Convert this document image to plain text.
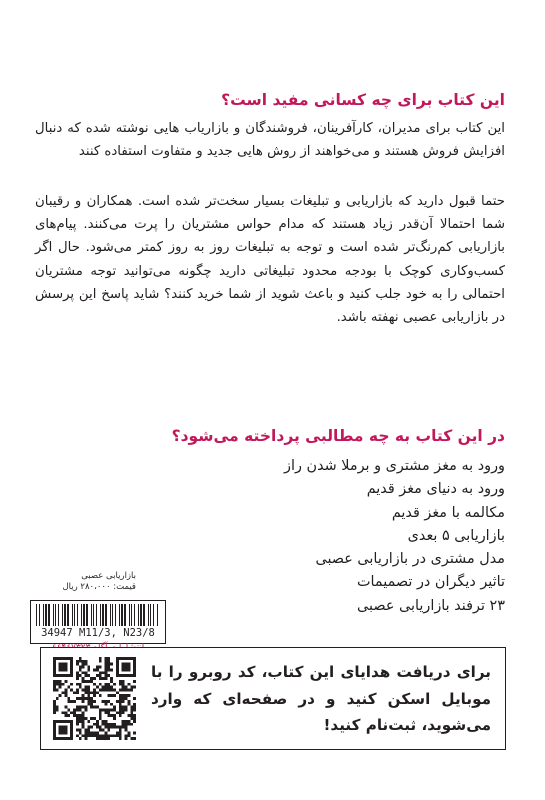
این کتاب برای چه کسانی مفید است؟

این کتاب برای مدیران، کارآفرینان، فروشندگان و بازاریاب هایی نوشته شده که دنبال افزایش فروش هستند و می‌خواهند از روش هایی جدید و متفاوت استفاده کنند

حتما قبول دارید که بازاریابی و تبلیغات بسیار سخت‌تر شده است. همکاران و رقیبان شما احتمالا آن‌قدر زیاد هستند که مدام حواس مشتریان را پرت می‌کنند. پیام‌های بازاریابی کم‌رنگ‌تر شده است و توجه به تبلیغات روز به روز کمتر می‌شود. حال اگر کسب‌وکاری کوچک با بودجه محدود تبلیغاتی دارید چگونه می‌توانید توجه مشتریان احتمالی را به خود جلب کنید و باعث شوید از شما خرید کنند؟ شاید پاسخ این پرسش در بازاریابی عصبی نهفته باشد.

در این کتاب به چه مطالبی پرداخته می‌شود؟
ورود به مغز مشتری و برملا شدن راز
ورود به دنیای مغز قدیم
مکالمه با مغز قدیم
بازاریابی ۵ بعدی
مدل مشتری در بازاریابی عصبی
تاثیر دیگران در تصمیمات
۲۳ ترفند بازاریابی عصبی
بازاریابی عصبی
قیمت: ۲۸۰،۰۰۰ ریال
34947 M11/3, N23/8

برای دریافت هدایای این کتاب، کد روبرو را با موبایل اسکن کنید و در صفحه‌ای که وارد می‌شوید، ثبت‌نام کنید!
